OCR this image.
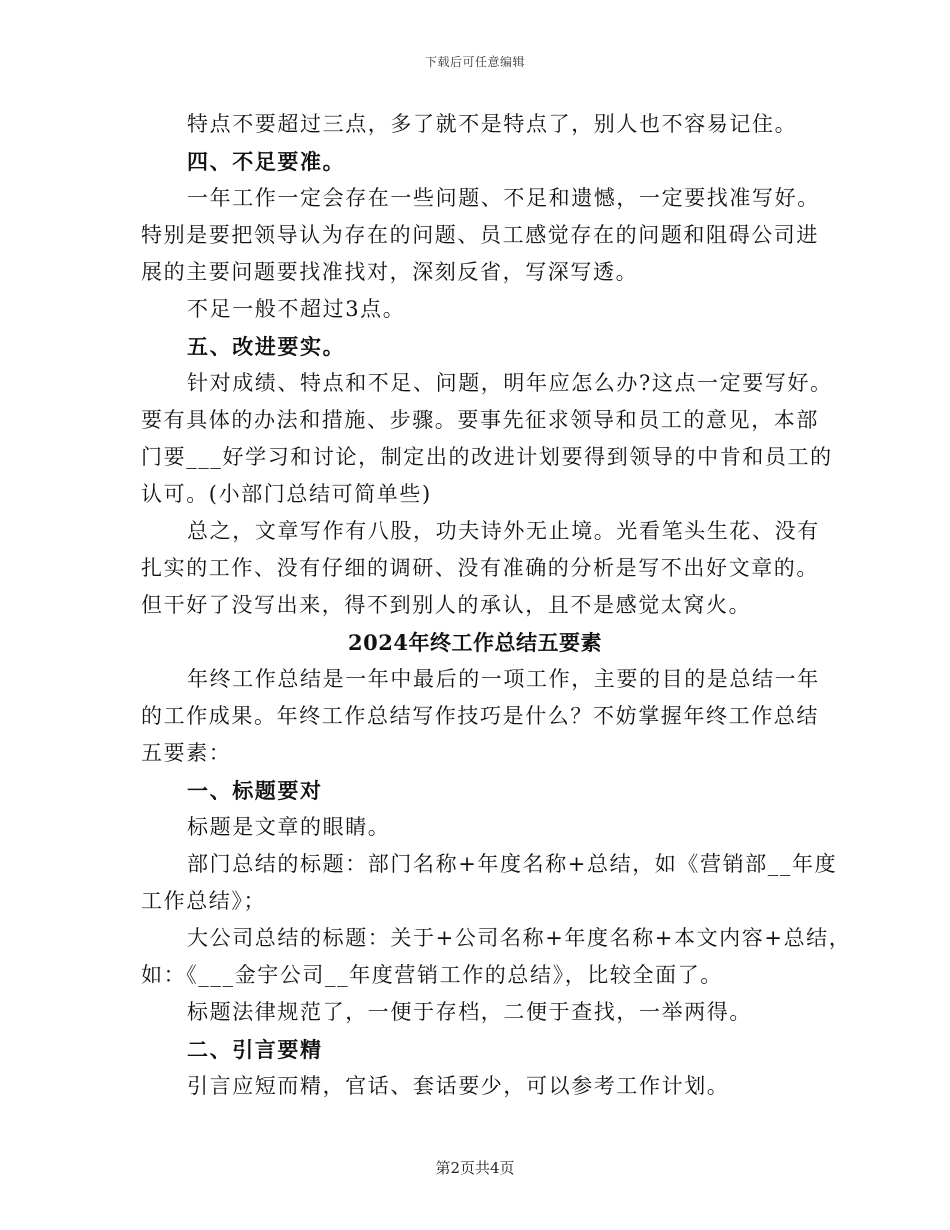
下载后可任意编辑
特点不要超过三点，多了就不是特点了，别人也不容易记住。
四、不足要准。
一年工作一定会存在一些问题、不足和遗憾，一定要找准写好。
特别是要把领导认为存在的问题、员工感觉存在的问题和阻碍公司进
展的主要问题要找准找对，深刻反省，写深写透。
不足一般不超过3点。
五、改进要实。
针对成绩、特点和不足、问题，明年应怎么办?这点一定要写好。
要有具体的办法和措施、步骤。要事先征求领导和员工的意见，本部
门要___好学习和讨论，制定出的改进计划要得到领导的中肯和员工的
认可。(小部门总结可简单些)
总之，文章写作有八股，功夫诗外无止境。光看笔头生花、没有
扎实的工作、没有仔细的调研、没有准确的分析是写不出好文章的。
但干好了没写出来，得不到别人的承认，且不是感觉太窝火。
2024年终工作总结五要素
年终工作总结是一年中最后的一项工作，主要的目的是总结一年
的工作成果。年终工作总结写作技巧是什么？不妨掌握年终工作总结
五要素：
一、标题要对
标题是文章的眼睛。
部门总结的标题：部门名称+年度名称+总结，如《营销部__年度
工作总结》；
大公司总结的标题：关于+公司名称+年度名称+本文内容+总结，
如：《___金宇公司__年度营销工作的总结》，比较全面了。
标题法律规范了，一便于存档，二便于查找，一举两得。
二、引言要精
引言应短而精，官话、套话要少，可以参考工作计划。
第2页共4页
